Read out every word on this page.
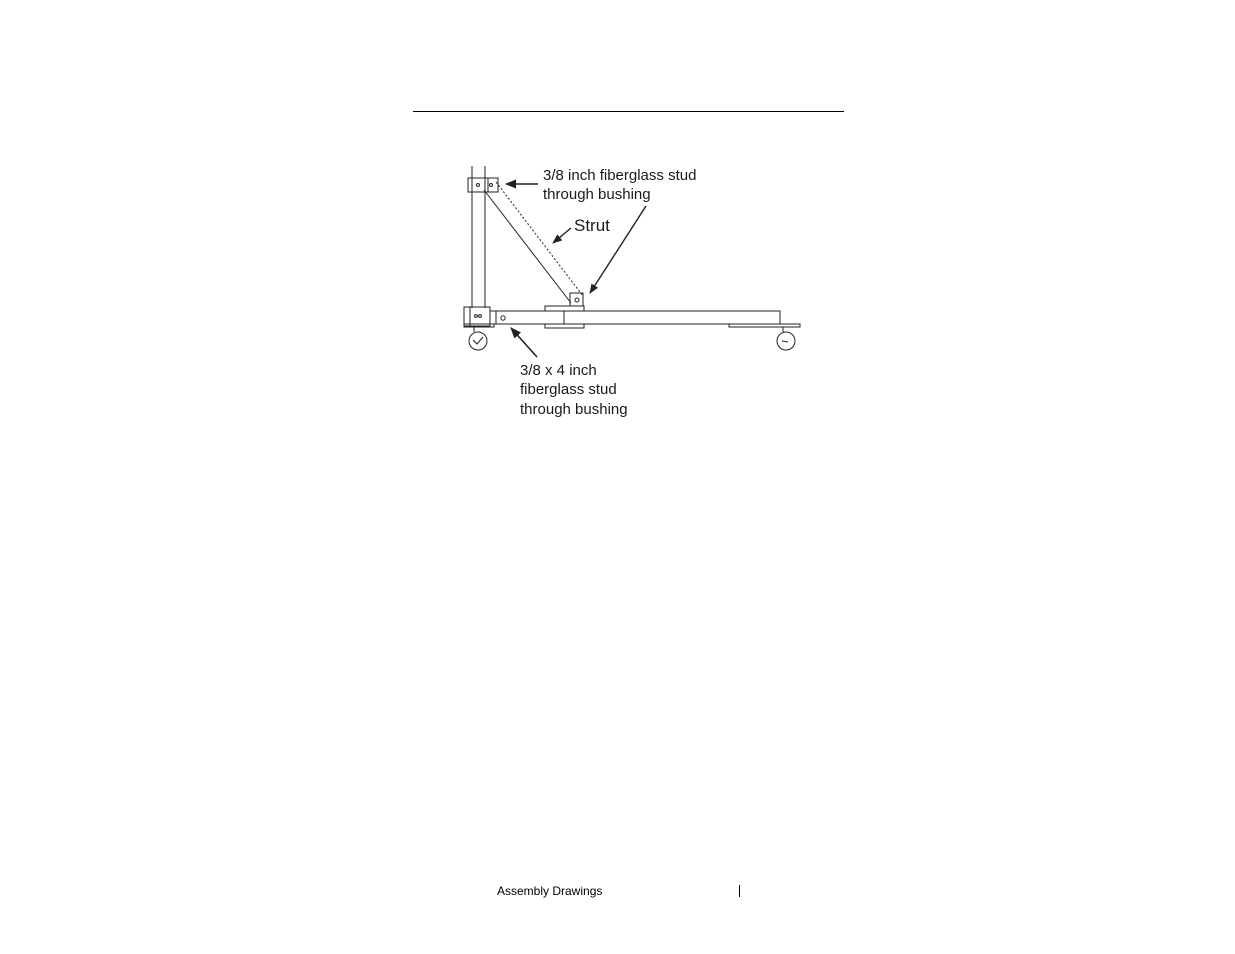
3/8 inch fiberglass stud
through bushing
Strut
3/8 x 4 inch
fiberglass stud
through bushing
Assembly Drawings
